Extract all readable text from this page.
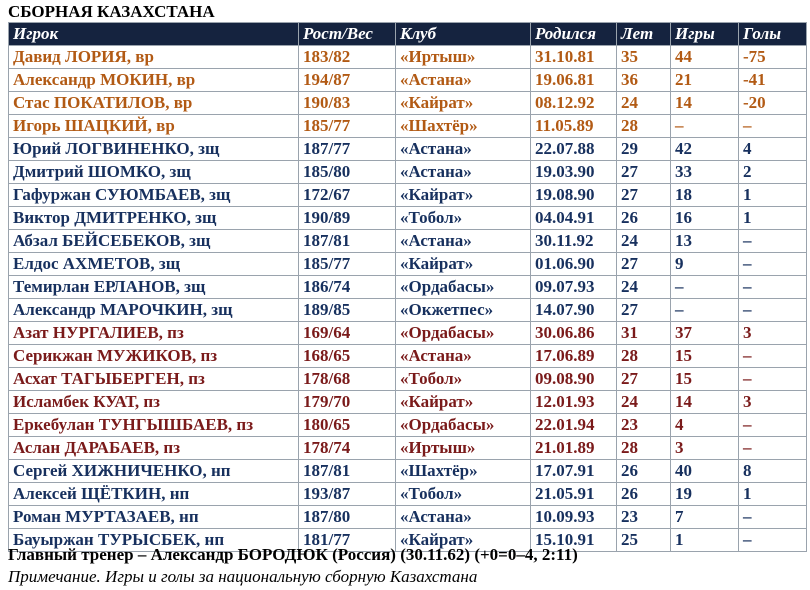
СБОРНАЯ КАЗАХСТАНА
Игрок	Рост/Вес	Клуб	Родился	Лет	Игры	Голы
Давид ЛОРИЯ, вр	183/82	«Иртыш»	31.10.81	35	44	-75
Александр МОКИН, вр	194/87	«Астана»	19.06.81	36	21	-41
Стас ПОКАТИЛОВ, вр	190/83	«Кайрат»	08.12.92	24	14	-20
Игорь ШАЦКИЙ, вр	185/77	«Шахтёр»	11.05.89	28	–	–
Юрий ЛОГВИНЕНКО, зщ	187/77	«Астана»	22.07.88	29	42	4
Дмитрий ШОМКО, зщ	185/80	«Астана»	19.03.90	27	33	2
Гафуржан СУЮМБАЕВ, зщ	172/67	«Кайрат»	19.08.90	27	18	1
Виктор ДМИТРЕНКО, зщ	190/89	«Тобол»	04.04.91	26	16	1
Абзал БЕЙСЕБЕКОВ, зщ	187/81	«Астана»	30.11.92	24	13	–
Елдос АХМЕТОВ, зщ	185/77	«Кайрат»	01.06.90	27	9	–
Темирлан ЕРЛАНОВ, зщ	186/74	«Ордабасы»	09.07.93	24	–	–
Александр МАРОЧКИН, зщ	189/85	«Окжетпес»	14.07.90	27	–	–
Азат НУРГАЛИЕВ, пз	169/64	«Ордабасы»	30.06.86	31	37	3
Серикжан МУЖИКОВ, пз	168/65	«Астана»	17.06.89	28	15	–
Асхат ТАГЫБЕРГЕН, пз	178/68	«Тобол»	09.08.90	27	15	–
Исламбек КУАТ, пз	179/70	«Кайрат»	12.01.93	24	14	3
Еркебулан ТУНГЫШБАЕВ, пз	180/65	«Ордабасы»	22.01.94	23	4	–
Аслан ДАРАБАЕВ, пз	178/74	«Иртыш»	21.01.89	28	3	–
Сергей ХИЖНИЧЕНКО, нп	187/81	«Шахтёр»	17.07.91	26	40	8
Алексей ЩЁТКИН, нп	193/87	«Тобол»	21.05.91	26	19	1
Роман МУРТАЗАЕВ, нп	187/80	«Астана»	10.09.93	23	7	–
Бауыржан ТУРЫСБЕК, нп	181/77	«Кайрат»	15.10.91	25	1	–
Главный тренер – Александр БОРОДЮК (Россия) (30.11.62) (+0=0–4, 2:11)
Примечание. Игры и голы за национальную сборную Казахстана
